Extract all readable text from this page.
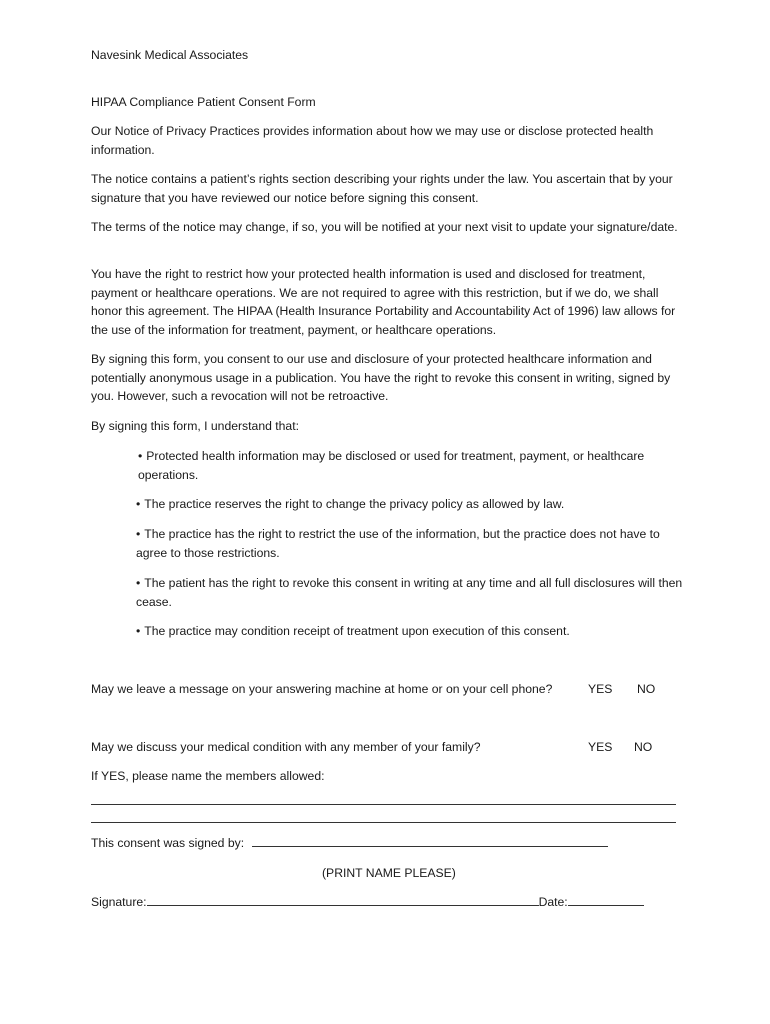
Navesink Medical Associates

HIPAA Compliance Patient Consent Form

Our Notice of Privacy Practices provides information about how we may use or disclose protected health information.

The notice contains a patient’s rights section describing your rights under the law. You ascertain that by your signature that you have reviewed our notice before signing this consent.

The terms of the notice may change, if so, you will be notified at your next visit to update your signature/date.

You have the right to restrict how your protected health information is used and disclosed for treatment, payment or healthcare operations. We are not required to agree with this restriction, but if we do, we shall honor this agreement. The HIPAA (Health Insurance Portability and Accountability Act of 1996) law allows for the use of the information for treatment, payment, or healthcare operations.

By signing this form, you consent to our use and disclosure of your protected healthcare information and potentially anonymous usage in a publication. You have the right to revoke this consent in writing, signed by you. However, such a revocation will not be retroactive.

By signing this form, I understand that:

• Protected health information may be disclosed or used for treatment, payment, or healthcare operations.

• The practice reserves the right to change the privacy policy as allowed by law.

• The practice has the right to restrict the use of the information, but the practice does not have to agree to those restrictions.

• The patient has the right to revoke this consent in writing at any time and all full disclosures will then cease.

• The practice may condition receipt of treatment upon execution of this consent.

May we leave a message on your answering machine at home or on your cell phone?	YES NO
May we discuss your medical condition with any member of your family?	YES NO

If YES, please name the members allowed:

This consent was signed by:

(PRINT NAME PLEASE)

Signature:	Date:
